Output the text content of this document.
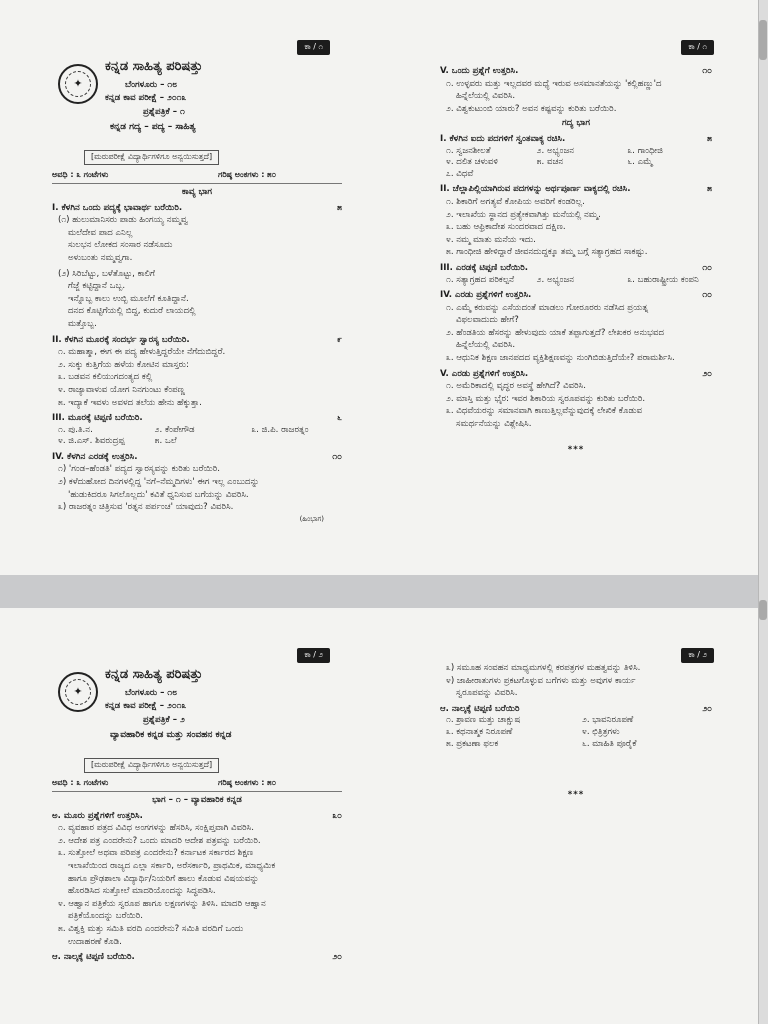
ಕಾ / ೧
✦
ಕನ್ನಡ ಸಾಹಿತ್ಯ ಪರಿಷತ್ತು
ಬೆಂಗಳೂರು – ೧೮
ಕನ್ನಡ ಕಾವ ಪರೀಕ್ಷೆ – ೨೦೧೩
ಪ್ರಶ್ನೆಪತ್ರಿಕೆ – ೧
ಕನ್ನಡ ಗದ್ಯ – ಪದ್ಯ – ಸಾಹಿತ್ಯ
[ಮರುಪರೀಕ್ಷೆ ವಿದ್ಯಾರ್ಥಿಗಳಿಗೂ ಅನ್ವಯಿಸುತ್ತದೆ]
ಅವಧಿ : ೩ ಗಂಟೆಗಳು	ಗರಿಷ್ಠ ಅಂಕಗಳು : ೫೦
ಕಾವ್ಯ ಭಾಗ
I. ಕೆಳಗಿನ ಒಂದು ಪದ್ಯಕ್ಕೆ ಭಾವಾರ್ಥ ಬರೆಯಿರಿ.	೫
(೧) ಹುಲುಮಾನಿಸರು ಪಾಡು ಹಿಂಗಯ್ಯ ನಮ್ಮವ್ವ
ಮಲೆದೇವ ಪಾದ ಎನಿಲ್ಲ
ಸುಲಭನ ಲೋಕದ ಸಂಸಾರ ನಡೆಸೂದು
ಅಳುಬಂತು ನಮ್ಮವ್ವಗಾ.
(೨) ಸಿರಿಬೆಟ್ಟು, ಬಳೆತೊಟ್ಟು, ಕಾಲಿಗೆ
ಗೆಜ್ಜೆ ಕಟ್ಟಿದ್ದಾನೆ ಒಬ್ಬ.
ಇನ್ನೊಬ್ಬ ಕಾಲು ಉಬ್ಬಿ ಮೂಲೆಗೆ ಕೂತಿದ್ದಾನೆ.
ದನದ ಕೊಟ್ಟಿಗೆಯಲ್ಲಿ ಬಿದ್ದ, ಕುದುರೆ ಲಾಯದಲ್ಲಿ
ಮತ್ತೊಬ್ಬ.
II. ಕೆಳಗಿನ ಮೂರಕ್ಕೆ ಸಂದರ್ಭ ಸ್ವಾರಸ್ಯ ಬರೆಯಿರಿ.	೯
೧. ಮಹಾತ್ಮಾ, ಈಗ ಈ ಪದ್ಯ ಹೇಳುತ್ತಿದ್ದರೆಯೇ ನೆಗೆದುಬಿದ್ದರೆ.
೨. ಸುಕ್ಕು ಕುತ್ತಿಗೆಯ ಹಳೆಯ ಕೋಟಿನ ಮಾಸ್ತರು:
೩. ಬಡವನ ಕಲಿಯುಗದಂತ್ಯದ ಕಲ್ಲಿ
೪. ರಾಜ್ಯಾವಾಳುವ ಯೋಗ ನಿನಗುಂಟು ಕೆಂಪಣ್ಣ
೫. ಇದ್ಯಾಕೆ ಇವಳು ಅವಳದ ತಲೆಯ ಹೇನು ಹೆಕ್ಕುತ್ತಾ.
III. ಮೂರಕ್ಕೆ ಟಿಪ್ಪಣಿ ಬರೆಯಿರಿ.	೬
೧. ಪು.ತಿ.ನ.	೨. ಕೆಂಪೇಗೌಡ	೩. ಜಿ.ಪಿ. ರಾಜರತ್ನಂ
೪. ಜಿ.ಎಸ್. ಶಿವರುದ್ರಪ್ಪ	೫. ಒಲೆ
IV. ಕೆಳಗಿನ ಎರಡಕ್ಕೆ ಉತ್ತರಿಸಿ.	೧೦
೧) 'ಗಂಡ–ಹೆಂಡತಿ' ಪದ್ಯದ ಸ್ವಾರಸ್ಯವನ್ನು ಕುರಿತು ಬರೆಯಿರಿ.
೨) ಕಳೆದುಹೋದ ದಿನಗಳಲ್ಲಿದ್ದ 'ನಗೆ–ನೆಮ್ಮದಿಗಳು' ಈಗ ಇಲ್ಲ ಎಂಬುದನ್ನು
'ಹುಡುಕಿದರೂ ಸಿಗಲೊಲ್ಲದು' ಕವಿತೆ ಧ್ವನಿಸುವ ಬಗೆಯನ್ನು ವಿವರಿಸಿ.
೩) ರಾಜರತ್ನಂ ಚಿತ್ರಿಸುವ 'ರತ್ನನ ಪರ್ಪಂಚ' ಯಾವುದು? ವಿವರಿಸಿ.
(ಹಿಂಭಾಗ)
ಕಾ / ೧
V. ಒಂದು ಪ್ರಶ್ನೆಗೆ ಉತ್ತರಿಸಿ.	೧೦
೧. ಉಳ್ಳವರು ಮತ್ತು ಇಲ್ಲದವರ ಮಧ್ಯೆ ಇರುವ ಅಸಮಾನತೆಯನ್ನು 'ಕಲ್ಲಿಹಣ್ಣು'ದ
ಹಿನ್ನೆಲೆಯಲ್ಲಿ ವಿವರಿಸಿ.
೨. ವಿಶ್ವಕುಟುಂಬಿ ಯಾರು? ಅವನ ಕಷ್ಟವನ್ನು ಕುರಿತು ಬರೆಯಿರಿ.
ಗದ್ಯ ಭಾಗ
I. ಕೆಳಗಿನ ಐದು ಪದಗಳಿಗೆ ಸ್ವಂತವಾಕ್ಯ ರಚಿಸಿ.	೫
೧. ಸ್ವಜನಶೀಲತೆ	೨. ಅಭ್ಯಂಜನ	೩. ಗಾಂಧೀಜಿ
೪. ದಲಿತ ಚಳುವಳಿ	೫. ವಚನ	೬. ಎಮ್ಮೆ
೭. ವಿಧವೆ
II. ಚೆಲ್ಲಾಪಿಲ್ಲಿಯಾಗಿರುವ ಪದಗಳನ್ನು ಅರ್ಥಪೂರ್ಣ ವಾಕ್ಯದಲ್ಲಿ ರಚಿಸಿ.	೫
೧. ಶಿಕಾರಿಗೆ ಅಗತ್ಯವೆ ಕೋಪಿಯ ಅವರಿಗೆ ಕಂಡರಿಲ್ಲ.
೨. ಇಲಾಖೆಯ ಸ್ಥಾನದ ಪ್ರತ್ಯೇಕವಾಗಿತ್ತು ಮನೆಯಲ್ಲಿ ನಮ್ಮ.
೩. ಬಹು ಆಫ್ರಿಕಾದೇಶ ಸುಂದರವಾದ ದಕ್ಷಿಣ.
೪. ನಮ್ಮ ಮಾತು ಮನೆಯ ಇದು.
೫. ಗಾಂಧೀಜಿ ಹೇಳಿದ್ದಾರೆ ಜೀವನದುದ್ದಕ್ಕೂ ತಮ್ಮ ಬಗ್ಗೆ ಸತ್ಯಾಗ್ರಹದ ಸಾಕಷ್ಟು.
III. ಎರಡಕ್ಕೆ ಟಿಪ್ಪಣಿ ಬರೆಯಿರಿ.	೧೦
೧. ಸತ್ಯಾಗ್ರಹದ ಪರಿಕಲ್ಪನೆ	೨. ಅಭ್ಯಂಜನ	೩. ಬಹುರಾಷ್ಟ್ರೀಯ ಕಂಪನಿ
IV. ಎರಡು ಪ್ರಶ್ನೆಗಳಿಗೆ ಉತ್ತರಿಸಿ.	೧೦
೧. ಎಮ್ಮೆ ಕರುವನ್ನು ಎಸೆಯದಂತೆ ಮಾಡಲು ಗೋರೂರರು ನಡೆಸಿದ ಪ್ರಯತ್ನ
ವಿಫಲವಾದುದು ಹೇಗೆ?
೨. ಹೆಂಡತಿಯ ಹೆಸರನ್ನು ಹೇಳುವುದು ಯಾಕೆ ತಪ್ಪಾಗುತ್ತದೆ? ಲೇಖಕರ ಅನುಭವದ
ಹಿನ್ನೆಲೆಯಲ್ಲಿ ವಿವರಿಸಿ.
೩. ಆಧುನಿಕ ಶಿಕ್ಷಣ ಜಾನಪದದ ವ್ಯಕ್ತಿಶಿಕ್ಷಣವನ್ನು ನುಂಗಿಬಿಡುತ್ತಿದೆಯೇ? ಪರಾಮರ್ಶಿಸಿ.
V. ಎರಡು ಪ್ರಶ್ನೆಗಳಿಗೆ ಉತ್ತರಿಸಿ.	೨೦
೧. ಅಮೆರಿಕಾದಲ್ಲಿ ವೃದ್ಧರ ಅವಸ್ಥೆ ಹೇಗಿದೆ? ವಿವರಿಸಿ.
೨. ಮಾಸ್ತಿ ಮತ್ತು ಭೈರ: ಇವರ ಶಿಕಾರಿಯ ಸ್ವರೂಪವನ್ನು ಕುರಿತು ಬರೆಯಿರಿ.
೩. ವಿಧವೆಯರನ್ನು ಸಮಾನವಾಗಿ ಕಾಣುತ್ತಿಲ್ಲವೆನ್ನುವುದಕ್ಕೆ ಲೇಖಿಕೆ ಕೊಡುವ
ಸಮರ್ಥನೆಯನ್ನು ವಿಶ್ಲೇಷಿಸಿ.
***
ಕಾ / ೨
✦
ಕನ್ನಡ ಸಾಹಿತ್ಯ ಪರಿಷತ್ತು
ಬೆಂಗಳೂರು – ೧೮
ಕನ್ನಡ ಕಾವ ಪರೀಕ್ಷೆ – ೨೦೧೩
ಪ್ರಶ್ನೆಪತ್ರಿಕೆ – ೨
ವ್ಯಾವಹಾರಿಕ ಕನ್ನಡ ಮತ್ತು ಸಂವಹನ ಕನ್ನಡ
[ಮರುಪರೀಕ್ಷೆ ವಿದ್ಯಾರ್ಥಿಗಳಿಗೂ ಅನ್ವಯಿಸುತ್ತದೆ]
ಅವಧಿ : ೩ ಗಂಟೆಗಳು	ಗರಿಷ್ಠ ಅಂಕಗಳು : ೫೦
ಭಾಗ – ೧ – ವ್ಯಾವಹಾರಿಕ ಕನ್ನಡ
ಅ. ಮೂರು ಪ್ರಶ್ನೆಗಳಿಗೆ ಉತ್ತರಿಸಿ.	೩೦
೧. ವ್ಯವಹಾರ ಪತ್ರದ ವಿವಿಧ ಅಂಗಗಳನ್ನು ಹೆಸರಿಸಿ, ಸಂಕ್ಷಿಪ್ತವಾಗಿ ವಿವರಿಸಿ.
೨. ಆದೇಶ ಪತ್ರ ಎಂದರೇನು? ಒಂದು ಮಾದರಿ ಆದೇಶ ಪತ್ರವನ್ನು ಬರೆಯಿರಿ.
೩. ಸುತ್ತೋಲೆ ಅಥವಾ ಪರಿಪತ್ರ ಎಂದರೇನು? ಕರ್ನಾಟಕ ಸರ್ಕಾರದ ಶಿಕ್ಷಣ
ಇಲಾಖೆಯಿಂದ ರಾಜ್ಯದ ಎಲ್ಲಾ ಸರ್ಕಾರಿ, ಅರೆಸರ್ಕಾರಿ, ಪ್ರಾಥಮಿಕ, ಮಾಧ್ಯಮಿಕ
ಹಾಗೂ ಪ್ರೌಢಶಾಲಾ ವಿದ್ಯಾರ್ಥಿ/ನಿಯರಿಗೆ ಹಾಲು ಕೊಡುವ ವಿಷಯವನ್ನು
ಹೊರಡಿಸಿದ ಸುತ್ತೋಲೆ ಮಾದರಿಯೊಂದನ್ನು ಸಿದ್ಧಪಡಿಸಿ.
೪. ಆಹ್ವಾನ ಪತ್ರಿಕೆಯ ಸ್ವರೂಪ ಹಾಗೂ ಲಕ್ಷಣಗಳನ್ನು ತಿಳಿಸಿ. ಮಾದರಿ ಆಹ್ವಾನ
ಪತ್ರಿಕೆಯೊಂದನ್ನು ಬರೆಯಿರಿ.
೫. ವಿಶ್ವಕ್ತಿ ಮತ್ತು ಸಮಿತಿ ವರದಿ ಎಂದರೇನು? ಸಮಿತಿ ವರದಿಗೆ ಒಂದು
ಉದಾಹರಣೆ ಕೊಡಿ.
ಆ. ನಾಲ್ಕಕ್ಕೆ ಟಿಪ್ಪಣಿ ಬರೆಯಿರಿ.	೨೦
ಕಾ / ೨
೩) ಸಮೂಹ ಸಂವಹನ ಮಾಧ್ಯಮಗಳಲ್ಲಿ ಕರಪತ್ರಗಳ ಮಹತ್ವವನ್ನು ತಿಳಿಸಿ.
೪) ಜಾಹೀರಾತುಗಳು ಪ್ರಕಟಗೊಳ್ಳುವ ಬಗೆಗಳು ಮತ್ತು ಅವುಗಳ ಕಾರ್ಯ
ಸ್ವರೂಪವನ್ನು ವಿವರಿಸಿ.
ಆ. ನಾಲ್ಕಕ್ಕೆ ಟಿಪ್ಪಣಿ ಬರೆಯಿರಿ	೨೦
೧. ಶ್ರಾವಣ ಮತ್ತು ಚಾಕ್ಷುಷ	೨. ಭಾವನಿರೂಪಣೆ
೩. ಕಥನಾತ್ಮಕ ನಿರೂಪಣೆ	೪. ಛಿತ್ರಿತ್ರಗಳು
೫. ಪ್ರಕಟಣಾ ಫಲಕ	೬. ಮಾಹಿತಿ ಪೂರೈಕೆ
***
